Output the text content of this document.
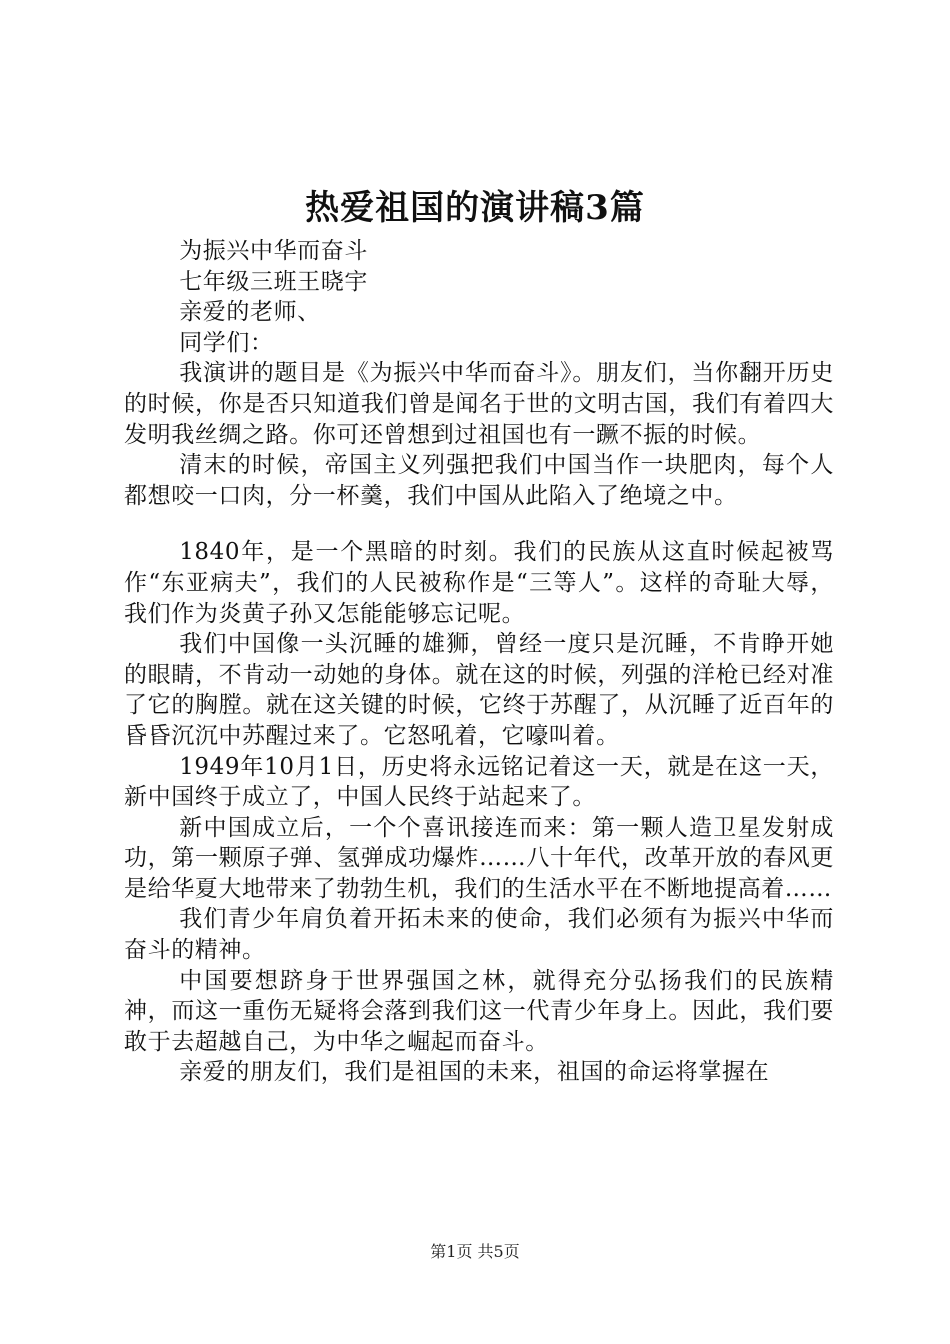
热爱祖国的演讲稿3篇

为振兴中华而奋斗

七年级三班王晓宇

亲爱的老师、

同学们：

我演讲的题目是《为振兴中华而奋斗》。朋友们，当你翻开历史的时候，你是否只知道我们曾是闻名于世的文明古国，我们有着四大发明我丝绸之路。你可还曾想到过祖国也有一蹶不振的时候。

清末的时候，帝国主义列强把我们中国当作一块肥肉，每个人都想咬一口肉，分一杯羹，我们中国从此陷入了绝境之中。

1840年，是一个黑暗的时刻。我们的民族从这直时候起被骂作“东亚病夫”，我们的人民被称作是“三等人”。这样的奇耻大辱，我们作为炎黄子孙又怎能能够忘记呢。

我们中国像一头沉睡的雄狮，曾经一度只是沉睡，不肯睁开她的眼睛，不肯动一动她的身体。就在这的时候，列强的洋枪已经对准了它的胸膛。就在这关键的时候，它终于苏醒了，从沉睡了近百年的昏昏沉沉中苏醒过来了。它怒吼着，它嚎叫着。

1949年10月1日，历史将永远铭记着这一天，就是在这一天，新中国终于成立了，中国人民终于站起来了。

新中国成立后，一个个喜讯接连而来：第一颗人造卫星发射成功，第一颗原子弹、氢弹成功爆炸……八十年代，改革开放的春风更是给华夏大地带来了勃勃生机，我们的生活水平在不断地提高着……

我们青少年肩负着开拓未来的使命，我们必须有为振兴中华而奋斗的精神。

中国要想跻身于世界强国之林，就得充分弘扬我们的民族精神，而这一重伤无疑将会落到我们这一代青少年身上。因此，我们要敢于去超越自己，为中华之崛起而奋斗。

亲爱的朋友们，我们是祖国的未来，祖国的命运将掌握在

第1页 共5页
